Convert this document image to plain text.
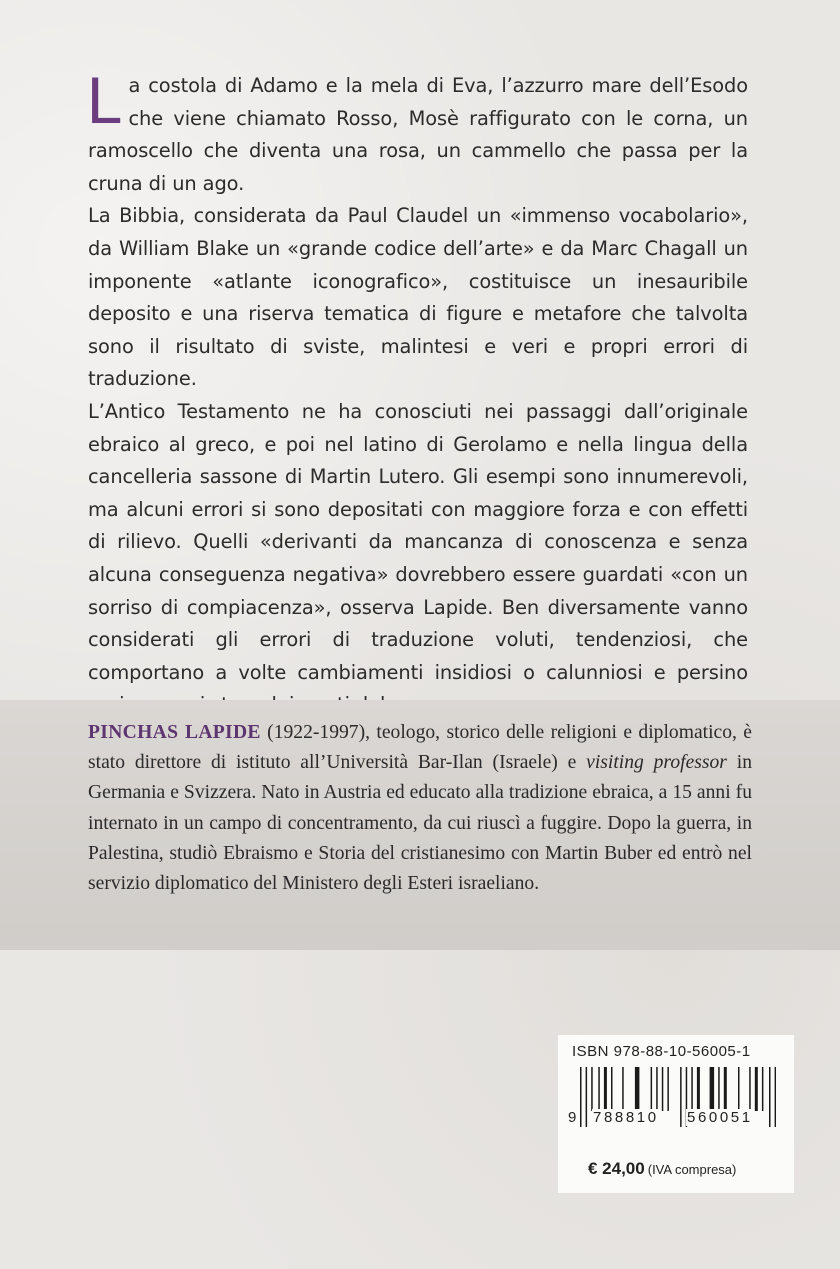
La costola di Adamo e la mela di Eva, l’azzurro mare dell’Esodo che viene chiamato Rosso, Mosè raffigurato con le corna, un ramoscello che diventa una rosa, un cammello che passa per la cruna di un ago.

La Bibbia, considerata da Paul Claudel un «immenso vocabolario», da William Blake un «grande codice dell’arte» e da Marc Chagall un imponente «atlante iconografico», costituisce un inesauribile deposito e una riserva tematica di figure e metafore che talvolta sono il risultato di sviste, malintesi e veri e propri errori di traduzione.

L’Antico Testamento ne ha conosciuti nei passaggi dall’originale ebraico al greco, e poi nel latino di Gerolamo e nella lingua della cancelleria sassone di Martin Lutero. Gli esempi sono innumerevoli, ma alcuni errori si sono depositati con maggiore forza e con effetti di rilievo. Quelli «derivanti da mancanza di conoscenza e senza alcuna conseguenza negativa» dovrebbero essere guardati «con un sorriso di compiacenza», osserva Lapide. Ben diversamente vanno considerati gli errori di traduzione voluti, tendenziosi, che comportano a volte cambiamenti insidiosi o calunniosi e persino

PINCHAS LAPIDE (1922-1997), teologo, storico delle religioni e diplomatico, è stato direttore di istituto all’Università Bar-Ilan (Israele) e visiting professor in Germania e Svizzera. Nato in Austria ed educato alla tradizione ebraica, a 15 anni fu internato in un campo di concentramento, da cui riuscì a fuggire. Dopo la guerra, in Palestina, studiò Ebraismo e Storia del cristianesimo con Martin Buber ed entrò nel servizio diplomatico del Ministero degli Esteri israeliano.

ISBN 978-88-10-56005-1
9 788810 560051
€ 24,00 (IVA compresa)
